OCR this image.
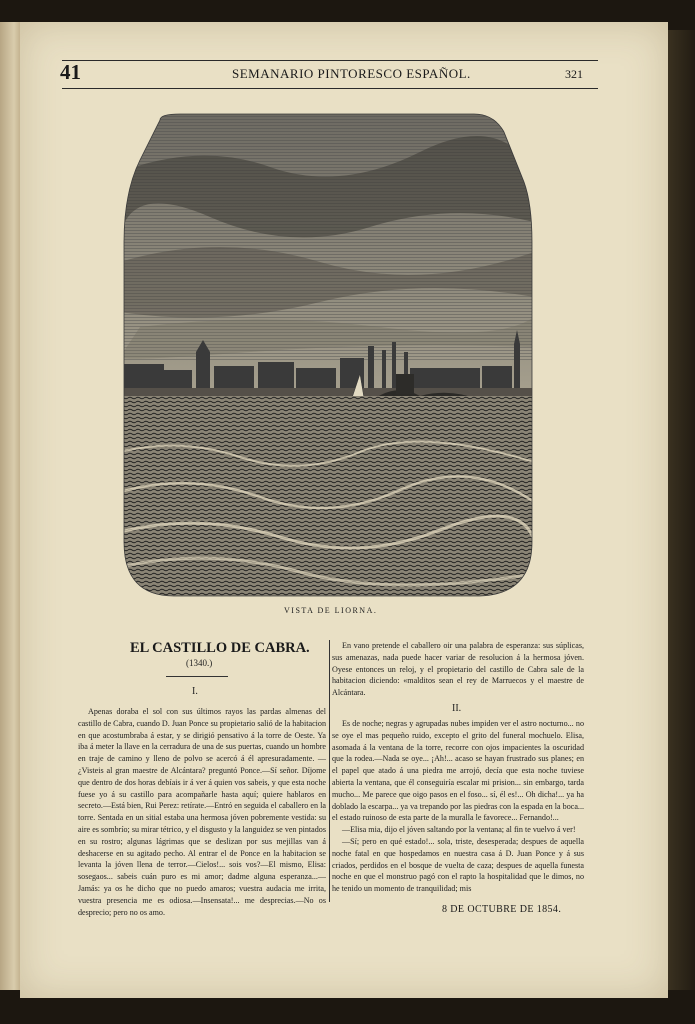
41	SEMANARIO PINTORESCO ESPAÑOL.	321
VISTA DE LIORNA.
EL CASTILLO DE CABRA.
(1340.)
I.

Apenas doraba el sol con sus últimos rayos las pardas almenas del castillo de Cabra, cuando D. Juan Ponce su propietario salió de la habitacion en que acostumbraba á estar, y se dirigió pensativo á la torre de Oeste. Ya iba á meter la llave en la cerradura de una de sus puertas, cuando un hombre en traje de camino y lleno de polvo se acercó á él apresuradamente. —¿Visteis al gran maestre de Alcántara? preguntó Ponce.—Sí señor. Díjome que dentro de dos horas debíais ir á ver á quien vos sabeis, y que esta noche fuese yo á su castillo para acompañarle hasta aquí; quiere hablaros en secreto.—Está bien, Rui Perez: retírate.—Entró en seguida el caballero en la torre. Sentada en un sitial estaba una hermosa jóven pobremente vestida: su aire es sombrío; su mirar tétrico, y el disgusto y la languidez se ven pintados en su rostro; algunas lágrimas que se deslizan por sus mejillas van á deshacerse en su agitado pecho. Al entrar el de Ponce en la habitacion se levanta la jóven llena de terror.—Cielos!... sois vos?—El mismo, Elisa: sosegaos... sabeis cuán puro es mi amor; dadme alguna esperanza...—Jamás: ya os he dicho que no puedo amaros; vuestra audacia me irrita, vuestra presencia me es odiosa.—Insensata!... me desprecias.—No os desprecio; pero no os amo.

En vano pretende el caballero oir una palabra de esperanza: sus súplicas, sus amenazas, nada puede hacer variar de resolucion á la hermosa jóven. Oyese entonces un reloj, y el propietario del castillo de Cabra sale de la habitacion diciendo: «malditos sean el rey de Marruecos y el maestre de Alcántara.

II.

Es de noche; negras y agrupadas nubes impiden ver el astro nocturno... no se oye el mas pequeño ruido, excepto el grito del funeral mochuelo. Elisa, asomada á la ventana de la torre, recorre con ojos impacientes la oscuridad que la rodea.—Nada se oye... ¡Ah!... acaso se hayan frustrado sus planes; en el papel que atado á una piedra me arrojó, decía que esta noche tuviese abierta la ventana, que él conseguiría escalar mi prision... sin embargo, tarda mucho... Me parece que oigo pasos en el foso... sí, él es!... Oh dicha!... ya ha doblado la escarpa... ya va trepando por las piedras con la espada en la boca... el estado ruinoso de esta parte de la muralla le favorece... Fernando!...

—Elisa mia, dijo el jóven saltando por la ventana; al fin te vuelvo á ver!

—Sí; pero en qué estado!... sola, triste, desesperada; despues de aquella noche fatal en que hospedamos en nuestra casa á D. Juan Ponce y á sus criados, perdidos en el bosque de vuelta de caza; despues de aquella funesta noche en que el monstruo pagó con el rapto la hospitalidad que le dimos, no he tenido un momento de tranquilidad; mis

8 DE OCTUBRE DE 1854.
